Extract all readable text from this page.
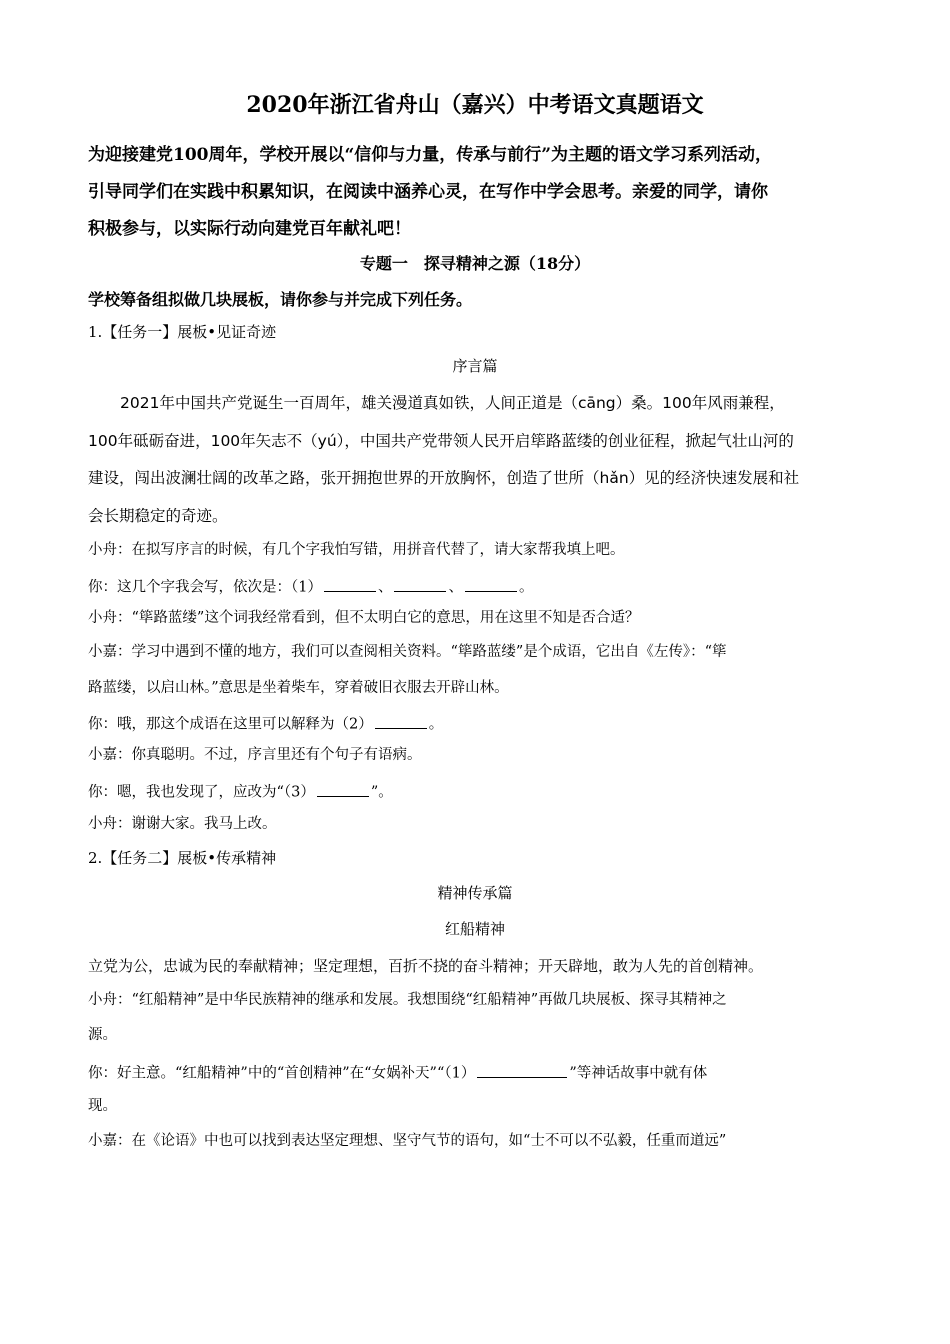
2020年浙江省舟山（嘉兴）中考语文真题语文
为迎接建党100周年，学校开展以“信仰与力量，传承与前行”为主题的语文学习系列活动，
引导同学们在实践中积累知识，在阅读中涵养心灵，在写作中学会思考。亲爱的同学，请你
积极参与，以实际行动向建党百年献礼吧！
专题一　探寻精神之源（18分）
学校筹备组拟做几块展板，请你参与并完成下列任务。
1.【任务一】展板•见证奇迹
序言篇
2021年中国共产党诞生一百周年，雄关漫道真如铁，人间正道是（cāng）桑。100年风雨兼程，
100年砥砺奋进，100年矢志不（yú），中国共产党带领人民开启筚路蓝缕的创业征程，掀起气壮山河的
建设，闯出波澜壮阔的改革之路，张开拥抱世界的开放胸怀，创造了世所（hǎn）见的经济快速发展和社
会长期稳定的奇迹。
小舟：在拟写序言的时候，有几个字我怕写错，用拼音代替了，请大家帮我填上吧。
你：这几个字我会写，依次是：（1）	、	、	。
小舟：“筚路蓝缕”这个词我经常看到，但不太明白它的意思，用在这里不知是否合适？
小嘉：学习中遇到不懂的地方，我们可以查阅相关资料。“筚路蓝缕”是个成语，它出自《左传》：“筚
路蓝缕，以启山林。”意思是坐着柴车，穿着破旧衣服去开辟山林。
你：哦，那这个成语在这里可以解释为（2）	。
小嘉：你真聪明。不过，序言里还有个句子有语病。
你：嗯，我也发现了，应改为“（3）	”。
小舟：谢谢大家。我马上改。
2.【任务二】展板•传承精神
精神传承篇
红船精神
立党为公，忠诚为民的奉献精神；坚定理想，百折不挠的奋斗精神；开天辟地，敢为人先的首创精神。
小舟：“红船精神”是中华民族精神的继承和发展。我想围绕“红船精神”再做几块展板、探寻其精神之
源。
你：好主意。“红船精神”中的“首创精神”在“女娲补天”“（1）	”等神话故事中就有体
现。
小嘉：在《论语》中也可以找到表达坚定理想、坚守气节的语句，如“士不可以不弘毅，任重而道远”
